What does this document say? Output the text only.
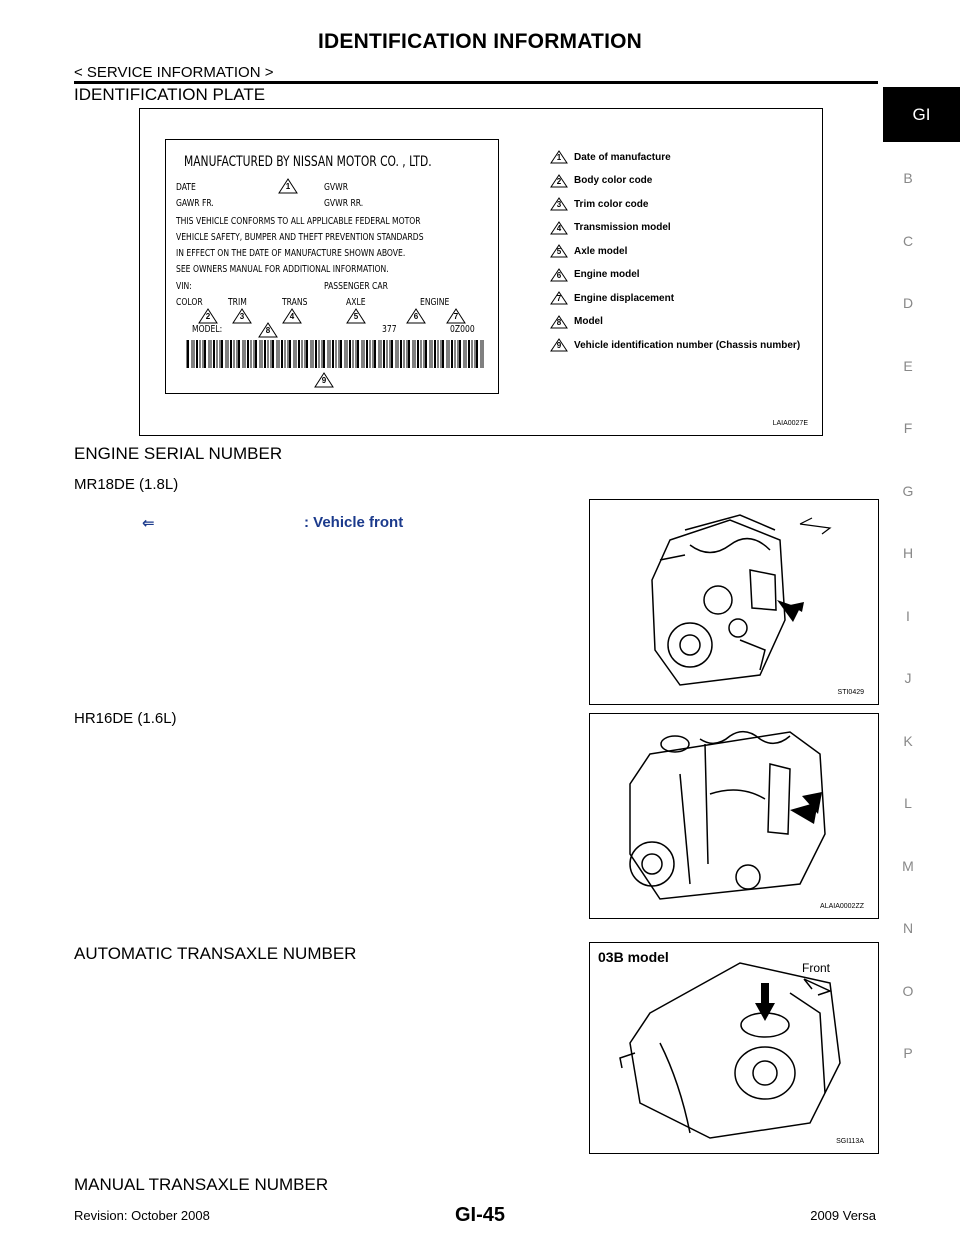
IDENTIFICATION INFORMATION
< SERVICE INFORMATION >
GI
B
C
D
E
F
G
H
I
J
K
L
M
N
O
P
IDENTIFICATION PLATE
MANUFACTURED BY NISSAN MOTOR CO. , LTD.
DATE	1	GVWR
GAWR FR.	GVWR RR.
THIS VEHICLE CONFORMS TO ALL APPLICABLE FEDERAL MOTOR
VEHICLE SAFETY, BUMPER AND THEFT PREVENTION STANDARDS
IN EFFECT ON THE DATE OF MANUFACTURE SHOWN ABOVE.
SEE OWNERS MANUAL FOR ADDITIONAL INFORMATION.
VIN:	PASSENGER CAR
COLOR	TRIM	TRANS	AXLE	ENGINE
2	3	4	5	6	7
MODEL:	8	377	0Z000
9
1	Date of manufacture
2	Body color code
3	Trim color code
4	Transmission model
5	Axle model
6	Engine model
7	Engine displacement
8	Model
9	Vehicle identification number (Chassis number)
LAIA0027E
ENGINE SERIAL NUMBER
MR18DE (1.8L)
⇐	: Vehicle front
STI0429
HR16DE (1.6L)
ALAIA0002ZZ
AUTOMATIC TRANSAXLE NUMBER	03B model
Front
SGI113A
MANUAL TRANSAXLE NUMBER
Revision: October 2008	GI-45	2009 Versa
